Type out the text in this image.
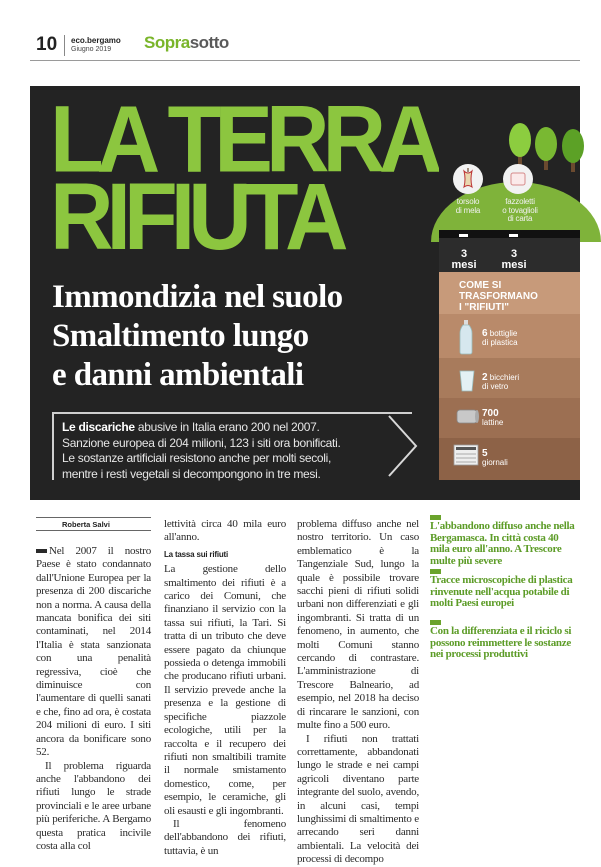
10 eco.bergamo
Giugno 2019 Soprasotto
LA TERRA
RIFIUTA
Immondizia nel suolo
Smaltimento lungo
e danni ambientali
Le discariche abusive in Italia erano 200 nel 2007.
Sanzione europea di 204 milioni, 123 i siti ora bonificati.
Le sostanze artificiali resistono anche per molti secoli,
mentre i resti vegetali si decompongono in tre mesi.
torsolo
di mela
fazzoletti
o tovaglioli
di carta
3
mesi
3
mesi
COME SI
TRASFORMANO
I "RIFIUTI"
6 bottiglie
di plastica
2 bicchieri
di vetro
700
lattine
5
giornali
Roberta Salvi
Nel 2007 il nostro Paese è stato condannato dall'Unione Europea per la presenza di 200 discariche non a norma. A causa della mancata bonifica dei siti contaminati, nel 2014 l'Italia è stata sanzionata con una penalità regressiva, cioè che diminuisce con l'aumentare di quelli sanati e che, fino ad ora, è costata 204 milioni di euro. I siti ancora da bonificare sono 52.
Il problema riguarda anche l'abbandono dei rifiuti lungo le strade provinciali e le aree urbane più periferiche. A Bergamo questa pratica incivile costa alla col
lettività circa 40 mila euro all'anno.
La tassa sui rifiuti
La gestione dello smaltimento dei rifiuti è a carico dei Comuni, che finanziano il servizio con la tassa sui rifiuti, la Tari. Si tratta di un tributo che deve essere pagato da chiunque possieda o detenga immobili che producano rifiuti urbani. Il servizio prevede anche la presenza e la gestione di specifiche piazzole ecologiche, utili per la raccolta e il recupero dei rifiuti non smaltibili tramite il normale smistamento domestico, come, per esempio, le ceramiche, gli oli esausti e gli ingombranti.
Il fenomeno dell'abbandono dei rifiuti, tuttavia, è un
problema diffuso anche nel nostro territorio. Un caso emblematico è la Tangenziale Sud, lungo la quale è possibile trovare sacchi pieni di rifiuti solidi urbani non differenziati e gli ingombranti. Si tratta di un fenomeno, in aumento, che molti Comuni stanno cercando di contrastare. L'amministrazione di Trescore Balneario, ad esempio, nel 2018 ha deciso di rincarare le sanzioni, con multe fino a 500 euro.
I rifiuti non trattati correttamente, abbandonati lungo le strade e nei campi agricoli diventano parte integrante del suolo, avendo, in alcuni casi, tempi lunghissimi di smaltimento e arrecando seri danni ambientali. La velocità dei processi di decompo
L'abbandono diffuso anche nella Bergamasca. In città costa 40 mila euro all'anno. A Trescore multe più severe
Tracce microscopiche di plastica rinvenute nell'acqua potabile di molti Paesi europei
Con la differenziata e il riciclo si possono reimmettere le sostanze nei processi produttivi
